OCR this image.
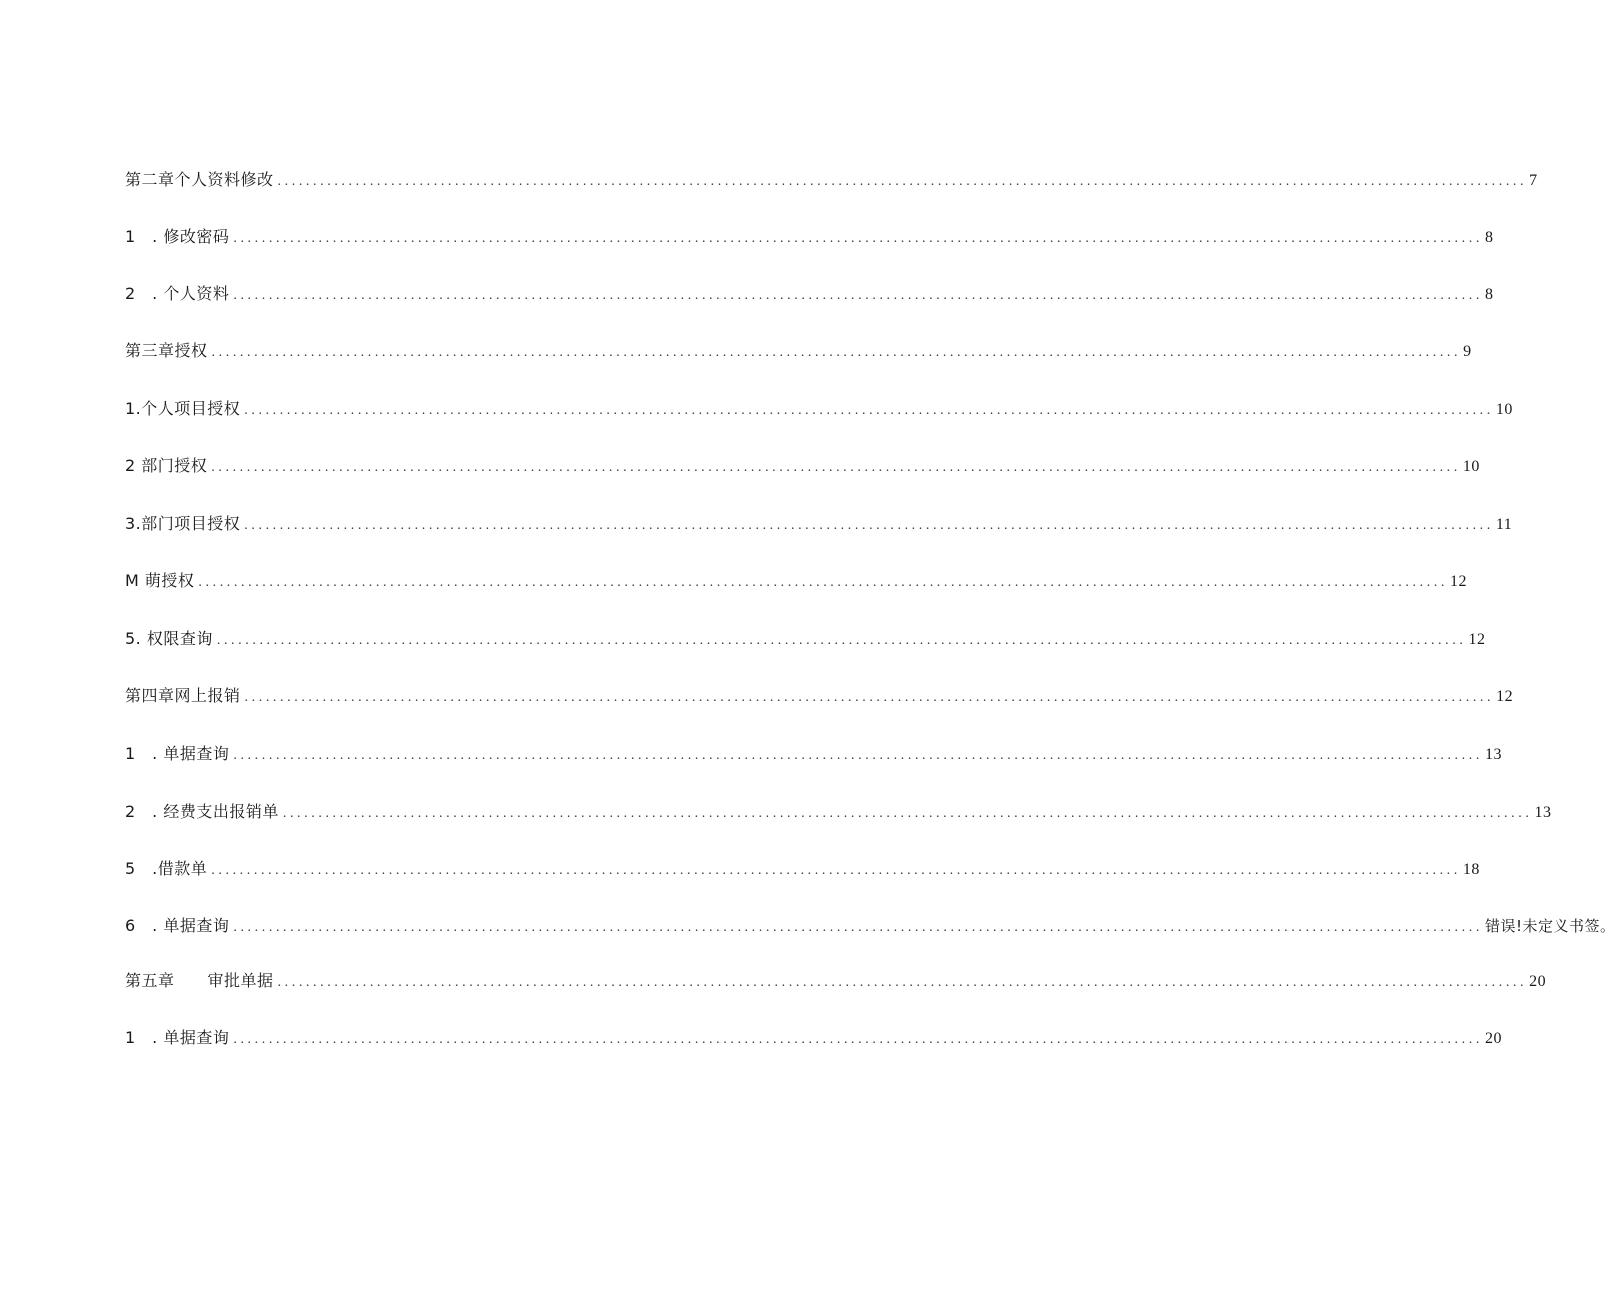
第二章个人资料修改 ................................................................................................................................................................................ 7
1　. 修改密码 ................................................................................................................................................................................ 8
2　. 个人资料 ................................................................................................................................................................................ 8
第三章授权 ................................................................................................................................................................................ 9
1.个人项目授权 ................................................................................................................................................................................ 10
2 部门授权 ................................................................................................................................................................................ 10
3.部门项目授权 ................................................................................................................................................................................ 11
M 萌授权 ................................................................................................................................................................................ 12
5. 权限查询 ................................................................................................................................................................................ 12
第四章网上报销 ................................................................................................................................................................................ 12
1　. 单据查询 ................................................................................................................................................................................ 13
2　. 经费支出报销单 ................................................................................................................................................................................ 13
5　.借款单 ................................................................................................................................................................................ 18
6　. 单据查询 ................................................................................................................................................................................ 错误!未定义书签。
第五章　　审批单据 ................................................................................................................................................................................ 20
1　. 单据查询 ................................................................................................................................................................................ 20
